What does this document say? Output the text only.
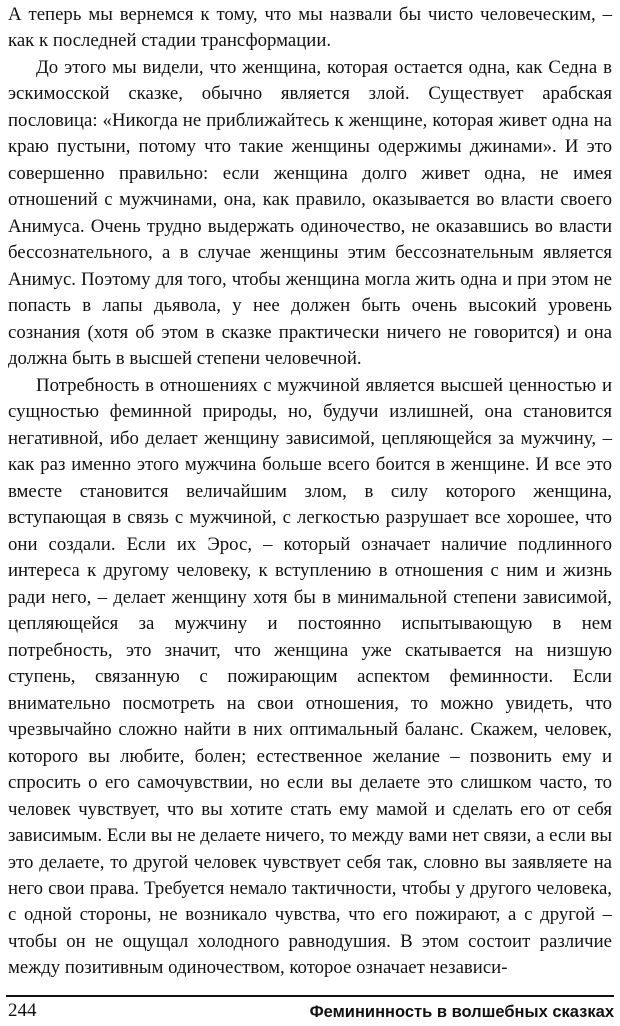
А теперь мы вернемся к тому, что мы назвали бы чисто человеческим, – как к последней стадии трансформации.

До этого мы видели, что женщина, которая остается одна, как Седна в эскимосской сказке, обычно является злой. Существует арабская пословица: «Никогда не приближайтесь к женщине, которая живет одна на краю пустыни, потому что такие женщины одержимы джинами». И это совершенно правильно: если женщина долго живет одна, не имея отношений с мужчинами, она, как правило, оказывается во власти своего Анимуса. Очень трудно выдержать одиночество, не оказавшись во власти бессознательного, а в случае женщины этим бессознательным является Анимус. Поэтому для того, чтобы женщина могла жить одна и при этом не попасть в лапы дьявола, у нее должен быть очень высокий уровень сознания (хотя об этом в сказке практически ничего не говорится) и она должна быть в высшей степени человечной.

Потребность в отношениях с мужчиной является высшей ценностью и сущностью феминной природы, но, будучи излишней, она становится негативной, ибо делает женщину зависимой, цепляющейся за мужчину, – как раз именно этого мужчина больше всего боится в женщине. И все это вместе становится величайшим злом, в силу которого женщина, вступающая в связь с мужчиной, с легкостью разрушает все хорошее, что они создали. Если их Эрос, – который означает наличие подлинного интереса к другому человеку, к вступлению в отношения с ним и жизнь ради него, – делает женщину хотя бы в минимальной степени зависимой, цепляющейся за мужчину и постоянно испытывающую в нем потребность, это значит, что женщина уже скатывается на низшую ступень, связанную с пожирающим аспектом феминности. Если внимательно посмотреть на свои отношения, то можно увидеть, что чрезвычайно сложно найти в них оптимальный баланс. Скажем, человек, которого вы любите, болен; естественное желание – позвонить ему и спросить о его самочувствии, но если вы делаете это слишком часто, то человек чувствует, что вы хотите стать ему мамой и сделать его от себя зависимым. Если вы не делаете ничего, то между вами нет связи, а если вы это делаете, то другой человек чувствует себя так, словно вы заявляете на него свои права. Требуется немало тактичности, чтобы у другого человека, с одной стороны, не возникало чувства, что его пожирают, а с другой – чтобы он не ощущал холодного равнодушия. В этом состоит различие между позитивным одиночеством, которое означает независи-

244	Фемининность в волшебных сказках
